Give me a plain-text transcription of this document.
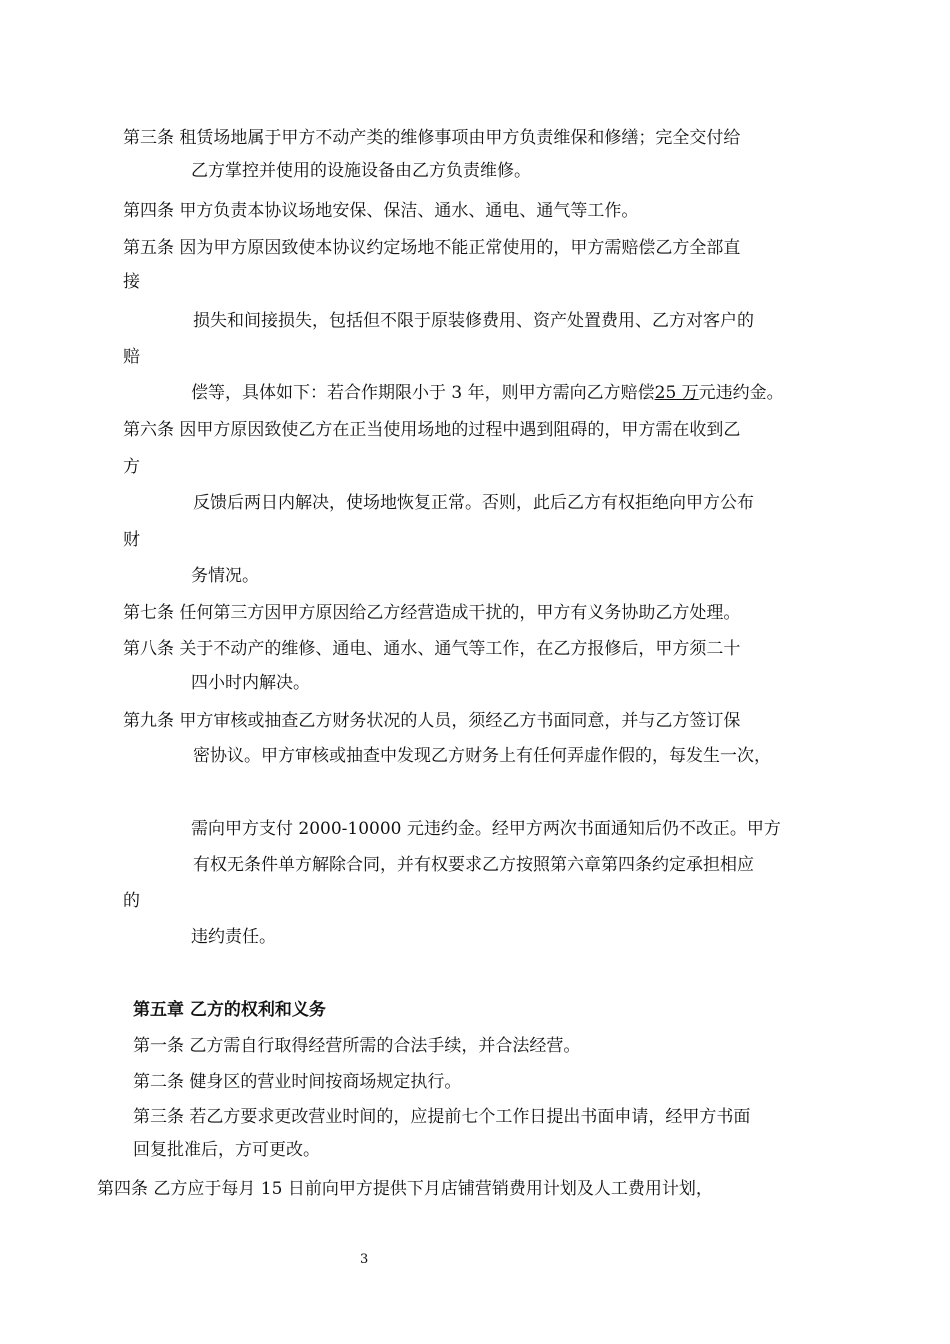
第三条 租赁场地属于甲方不动产类的维修事项由甲方负责维保和修缮；完全交付给
乙方掌控并使用的设施设备由乙方负责维修。
第四条 甲方负责本协议场地安保、保洁、通水、通电、通气等工作。
第五条 因为甲方原因致使本协议约定场地不能正常使用的，甲方需赔偿乙方全部直
接
损失和间接损失，包括但不限于原装修费用、资产处置费用、乙方对客户的
赔
偿等，具体如下：若合作期限小于 3 年，则甲方需向乙方赔偿25 万元违约金。
第六条 因甲方原因致使乙方在正当使用场地的过程中遇到阻碍的，甲方需在收到乙
方
反馈后两日内解决，使场地恢复正常。否则，此后乙方有权拒绝向甲方公布
财
务情况。
第七条 任何第三方因甲方原因给乙方经营造成干扰的，甲方有义务协助乙方处理。
第八条 关于不动产的维修、通电、通水、通气等工作，在乙方报修后，甲方须二十
四小时内解决。
第九条 甲方审核或抽查乙方财务状况的人员，须经乙方书面同意，并与乙方签订保
密协议。甲方审核或抽查中发现乙方财务上有任何弄虚作假的，每发生一次，
需向甲方支付 2000-10000 元违约金。经甲方两次书面通知后仍不改正。甲方
有权无条件单方解除合同，并有权要求乙方按照第六章第四条约定承担相应
的
违约责任。
第五章 乙方的权利和义务
第一条 乙方需自行取得经营所需的合法手续，并合法经营。
第二条 健身区的营业时间按商场规定执行。
第三条 若乙方要求更改营业时间的，应提前七个工作日提出书面申请，经甲方书面
回复批准后，方可更改。
第四条 乙方应于每月 15 日前向甲方提供下月店铺营销费用计划及人工费用计划，
3
